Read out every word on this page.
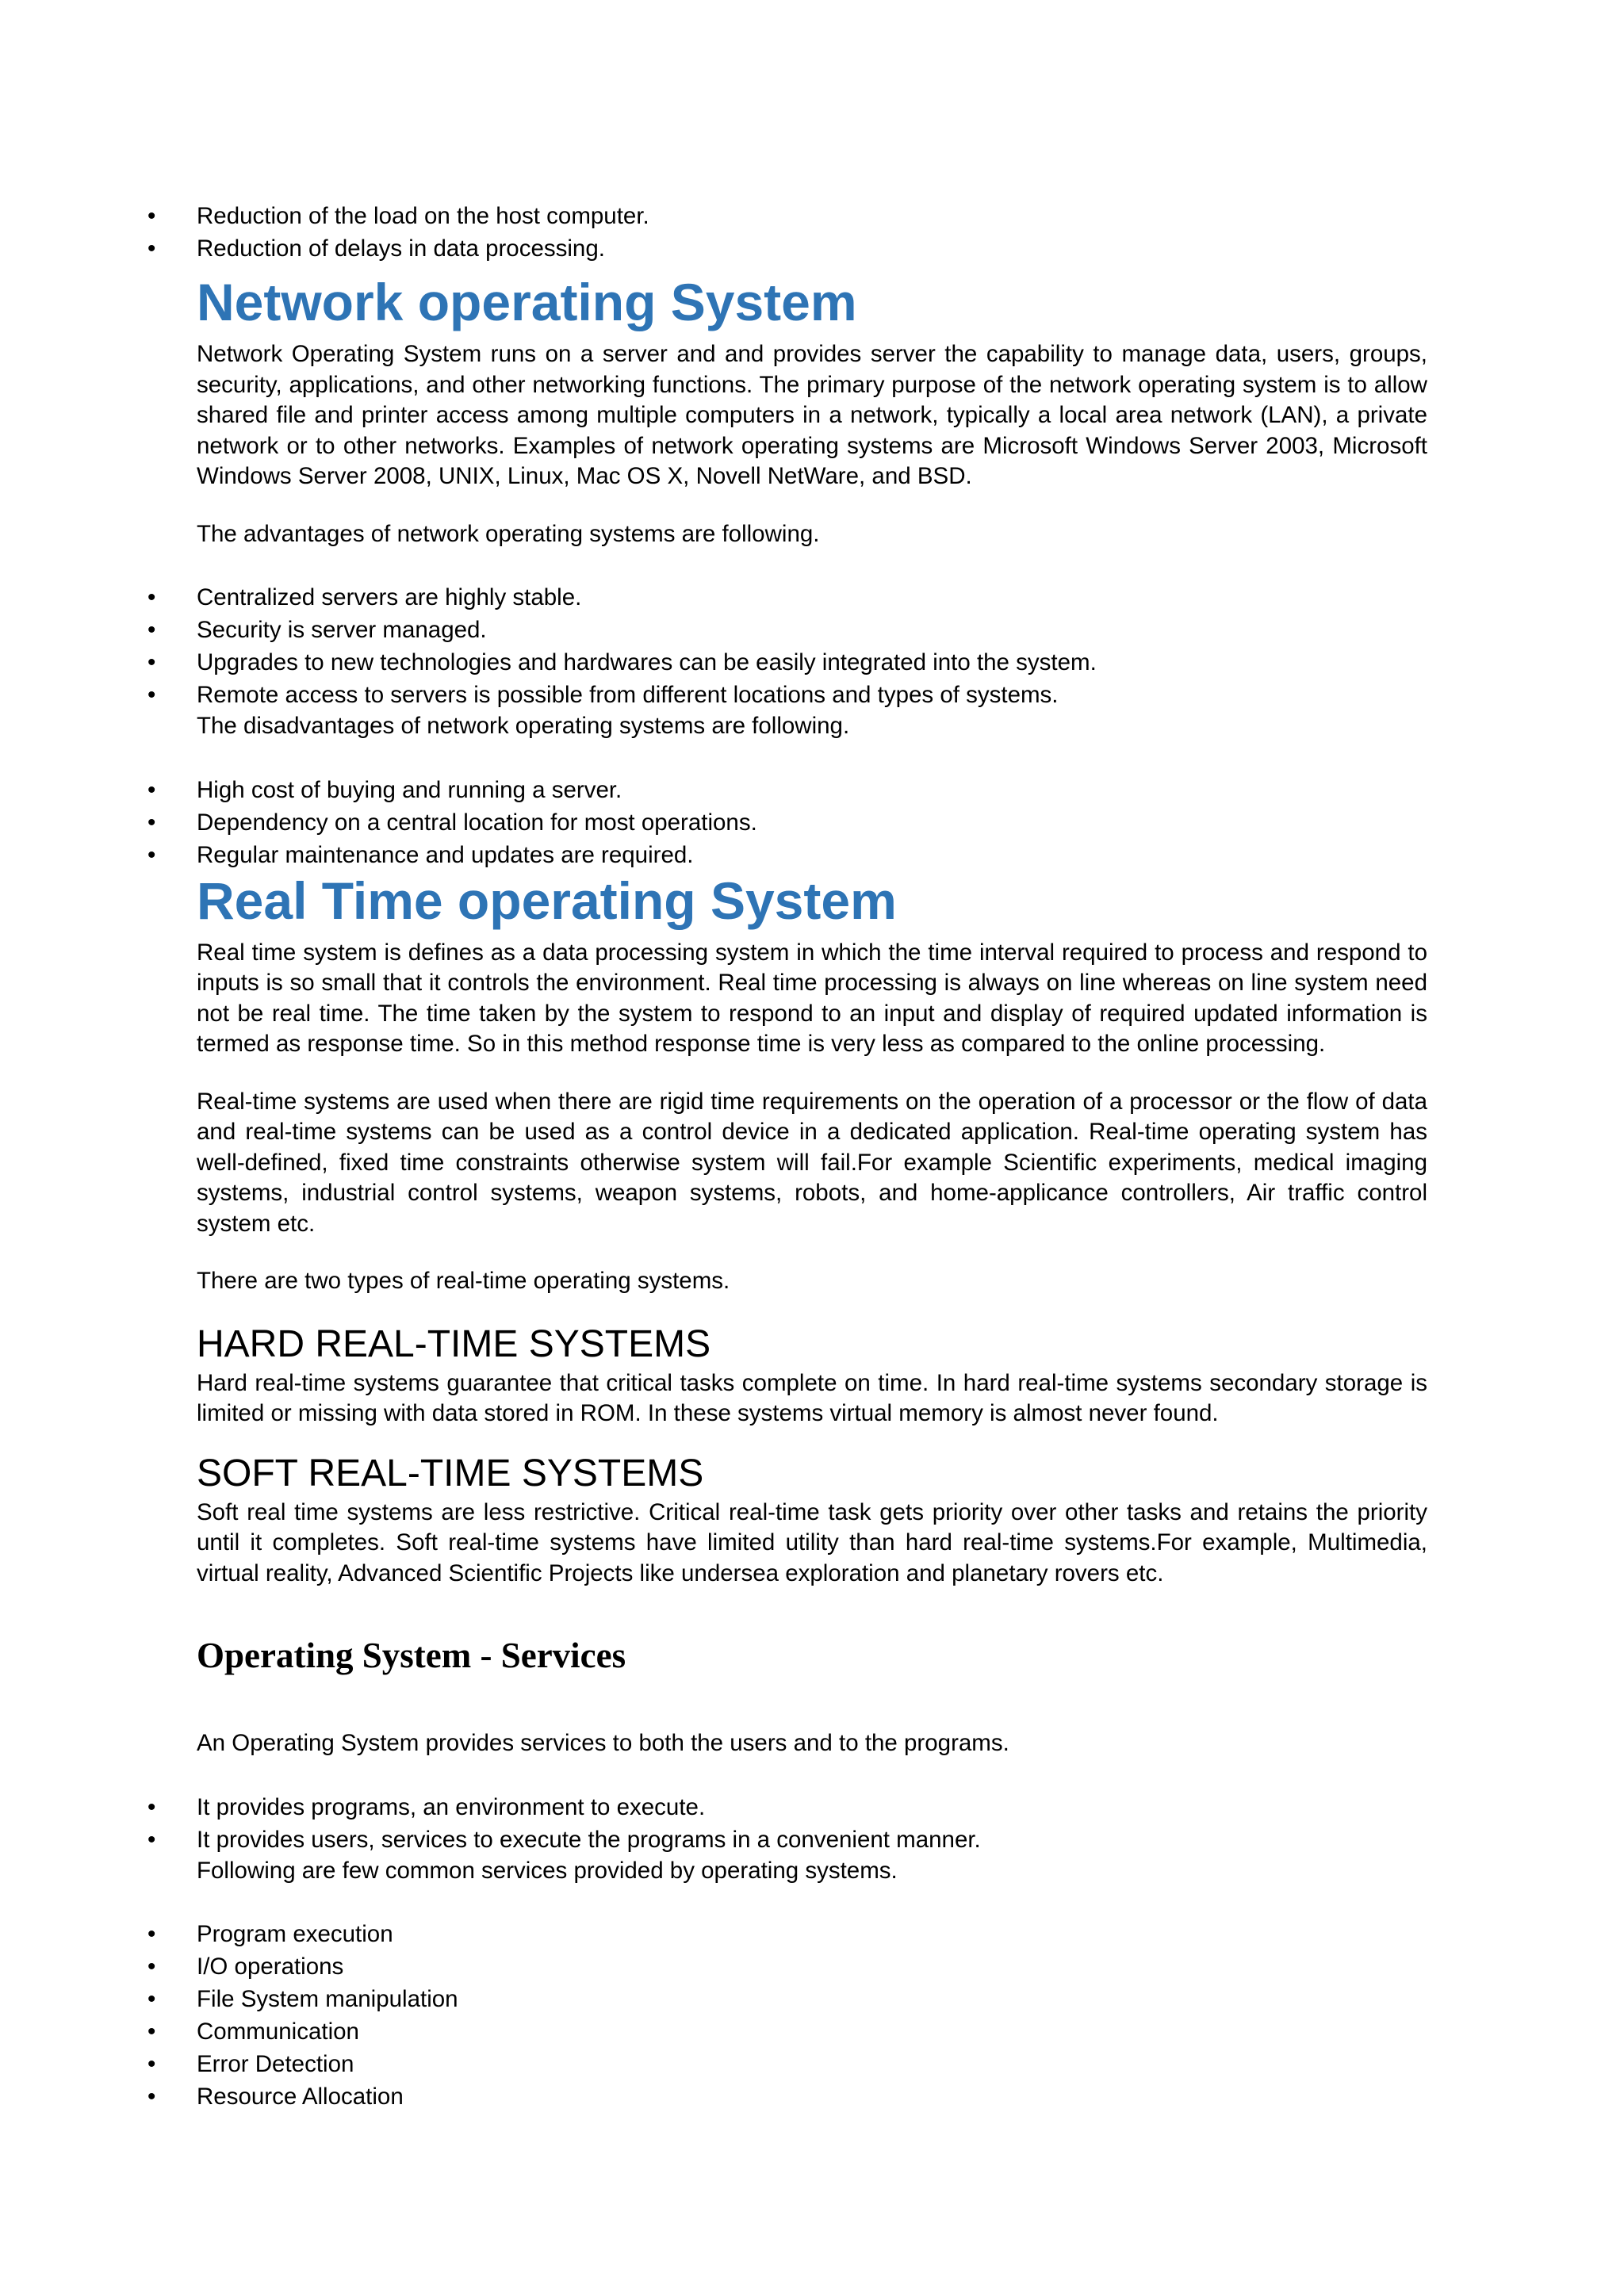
• Reduction of the load on the host computer.
• Reduction of delays in data processing.
Network operating System

Network Operating System runs on a server and and provides server the capability to manage data, users, groups, security, applications, and other networking functions. The primary purpose of the network operating system is to allow shared file and printer access among multiple computers in a network, typically a local area network (LAN), a private network or to other networks. Examples of network operating systems are Microsoft Windows Server 2003, Microsoft Windows Server 2008, UNIX, Linux, Mac OS X, Novell NetWare, and BSD.

The advantages of network operating systems are following.

• Centralized servers are highly stable.
• Security is server managed.
• Upgrades to new technologies and hardwares can be easily integrated into the system.
• Remote access to servers is possible from different locations and types of systems.

The disadvantages of network operating systems are following.

• High cost of buying and running a server.
• Dependency on a central location for most operations.
• Regular maintenance and updates are required.
Real Time operating System

Real time system is defines as a data processing system in which the time interval required to process and respond to inputs is so small that it controls the environment. Real time processing is always on line whereas on line system need not be real time. The time taken by the system to respond to an input and display of required updated information is termed as response time. So in this method response time is very less as compared to the online processing.

Real-time systems are used when there are rigid time requirements on the operation of a processor or the flow of data and real-time systems can be used as a control device in a dedicated application. Real-time operating system has well-defined, fixed time constraints otherwise system will fail.For example Scientific experiments, medical imaging systems, industrial control systems, weapon systems, robots, and home-applicance controllers, Air traffic control system etc.

There are two types of real-time operating systems.

HARD REAL-TIME SYSTEMS

Hard real-time systems guarantee that critical tasks complete on time. In hard real-time systems secondary storage is limited or missing with data stored in ROM. In these systems virtual memory is almost never found.

SOFT REAL-TIME SYSTEMS

Soft real time systems are less restrictive. Critical real-time task gets priority over other tasks and retains the priority until it completes. Soft real-time systems have limited utility than hard real-time systems.For example, Multimedia, virtual reality, Advanced Scientific Projects like undersea exploration and planetary rovers etc.

Operating System - Services

An Operating System provides services to both the users and to the programs.

• It provides programs, an environment to execute.
• It provides users, services to execute the programs in a convenient manner.

Following are few common services provided by operating systems.

• Program execution
• I/O operations
• File System manipulation
• Communication
• Error Detection
• Resource Allocation
